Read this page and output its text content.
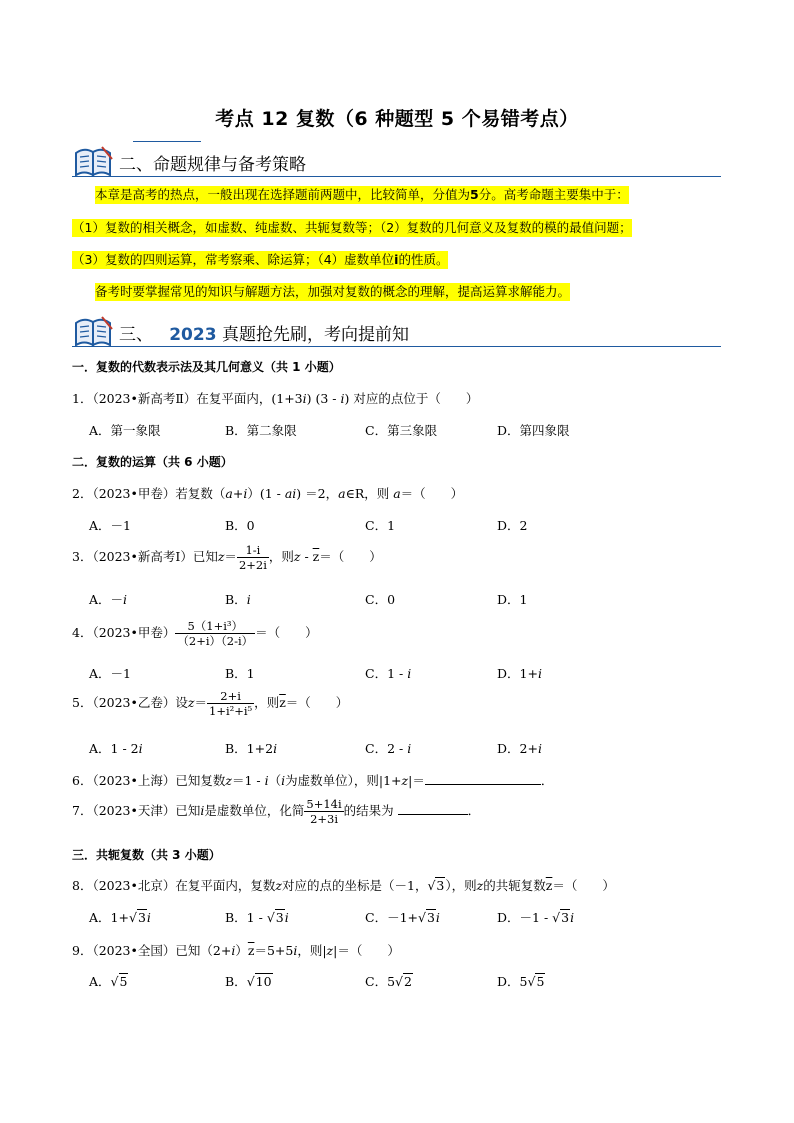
考点 12 复数（6 种题型 5 个易错考点）
二、命题规律与备考策略
本章是高考的热点，一般出现在选择题前两题中，比较简单，分值为5分。高考命题主要集中于：
（1）复数的相关概念，如虚数、纯虚数、共轭复数等；（2）复数的几何意义及复数的模的最值问题；
（3）复数的四则运算，常考察乘、除运算；（4）虚数单位i的性质。
备考时要掌握常见的知识与解题方法，加强对复数的概念的理解，提高运算求解能力。
三、 2023 真题抢先刷，考向提前知
一．复数的代数表示法及其几何意义（共 1 小题）
1．（2023•新高考Ⅱ）在复平面内，(1+3i) (3 - i) 对应的点位于（　　）
A．第一象限	B．第二象限	C．第三象限	D．第四象限
二．复数的运算（共 6 小题）
2．（2023•甲卷）若复数（a+i）(1 - ai) ＝2，a∈R，则 a＝（　　）
A．－1	B．0	C．1	D．2
3．（2023•新高考Ⅰ）已知$z= \frac{1-i}{2+2i}$ ，则$z - \overline{z}=$（　　）
A．－i	B．i	C．0	D．1
4．（2023•甲卷） $\frac{\text{5（1+i³）}}{(2+i)(2-i)}$ ＝（　　）
A．－1	B．1	C．1 - i	D．1+i
5．（2023•乙卷）设$z= \frac{2+i}{\text{1+i²+i⁵}}$ ，则$\overline{z}=$（　　）
A．1 - 2i	B．1+2i	C．2 - i	D．2+i
6．（2023•上海）已知复数z＝1 - i（i为虚数单位），则|1+z|＝	．
7．（2023•天津）已知i是虚数单位，化简 $\frac{5+14i}{2+3i}$ 的结果为	．
三．共轭复数（共 3 小题）
8．（2023•北京）在复平面内，复数z对应的点的坐标是（－1，√3），则z的共轭复数$\overline{z}=$（　　）
A．1+√3i	B．1 - √3i	C．－1+√3i	D．－1 - √3i
9．（2023•全国）已知$(2+i)\overline{z}=5+5i$，则|z|＝（　　）
A．√5	B．√10	C．5√2	D．5√5
